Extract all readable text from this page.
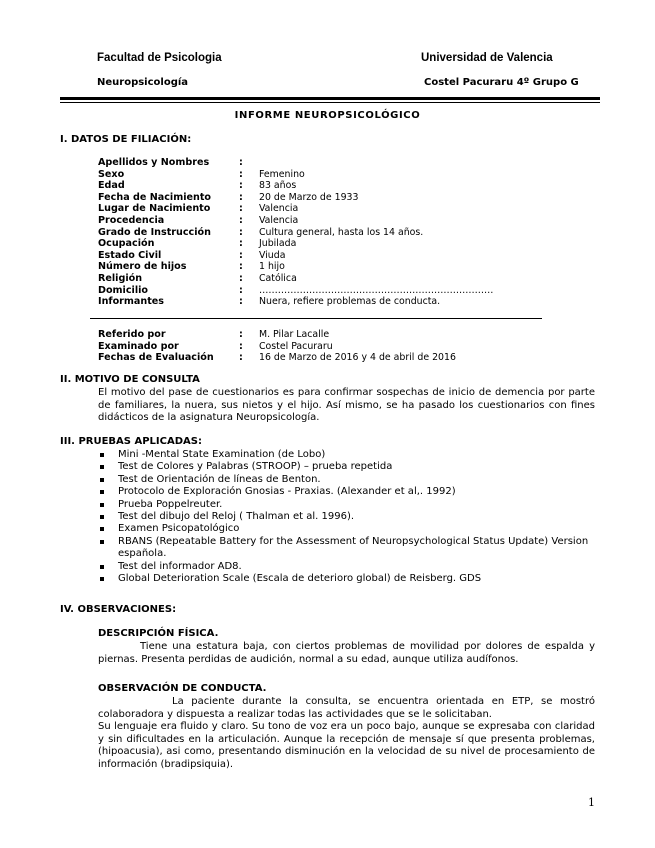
Facultad de Psicologia	Universidad de Valencia
Neuropsicología	Costel Pacuraru 4º Grupo G
INFORME NEUROPSICOLÓGICO
I. DATOS DE FILIACIÓN:
Apellidos y Nombres	:
Sexo	: Femenino
Edad	: 83 años
Fecha de Nacimiento	: 20 de Marzo de 1933
Lugar de Nacimiento	: Valencia
Procedencia	: Valencia
Grado de Instrucción	: Cultura general, hasta los 14 años.
Ocupación	: Jubilada
Estado Civil	: Viuda
Número de hijos	: 1 hijo
Religión	: Católica
Domicilio	: …………………………………………………………………
Informantes	: Nuera, refiere problemas de conducta.
Referido por	: M. Pilar Lacalle
Examinado por	: Costel Pacuraru
Fechas de Evaluación	: 16 de Marzo de 2016 y 4 de abril de 2016
II. MOTIVO DE CONSULTA
El motivo del pase de cuestionarios es para confirmar sospechas de inicio de demencia por parte de familiares, la nuera, sus nietos y el hijo. Así mismo, se ha pasado los cuestionarios con fines didácticos de la asignatura Neuropsicología.
III. PRUEBAS APLICADAS:
Mini -Mental State Examination (de Lobo)
Test de Colores y Palabras (STROOP) – prueba repetida
Test de Orientación de líneas de Benton.
Protocolo de Exploración Gnosias - Praxias. (Alexander et al,. 1992)
Prueba Poppelreuter.
Test del dibujo del Reloj ( Thalman et al. 1996).
Examen Psicopatológico
RBANS (Repeatable Battery for the Assessment of Neuropsychological Status Update) Version española.
Test del informador AD8.
Global Deterioration Scale (Escala de deterioro global) de Reisberg. GDS
IV. OBSERVACIONES:
DESCRIPCIÓN FÍSICA.
Tiene una estatura baja, con ciertos problemas de movilidad por dolores de espalda y piernas. Presenta perdidas de audición, normal a su edad, aunque utiliza audífonos.
OBSERVACIÓN DE CONDUCTA.
La paciente durante la consulta, se encuentra orientada en ETP, se mostró colaboradora y dispuesta a realizar todas las actividades que se le solicitaban.
Su lenguaje era fluido y claro. Su tono de voz era un poco bajo, aunque se expresaba con claridad y sin dificultades en la articulación. Aunque la recepción de mensaje sí que presenta problemas, (hipoacusia), asi como, presentando disminución en la velocidad de su nivel de procesamiento de información (bradipsiquia).
1
